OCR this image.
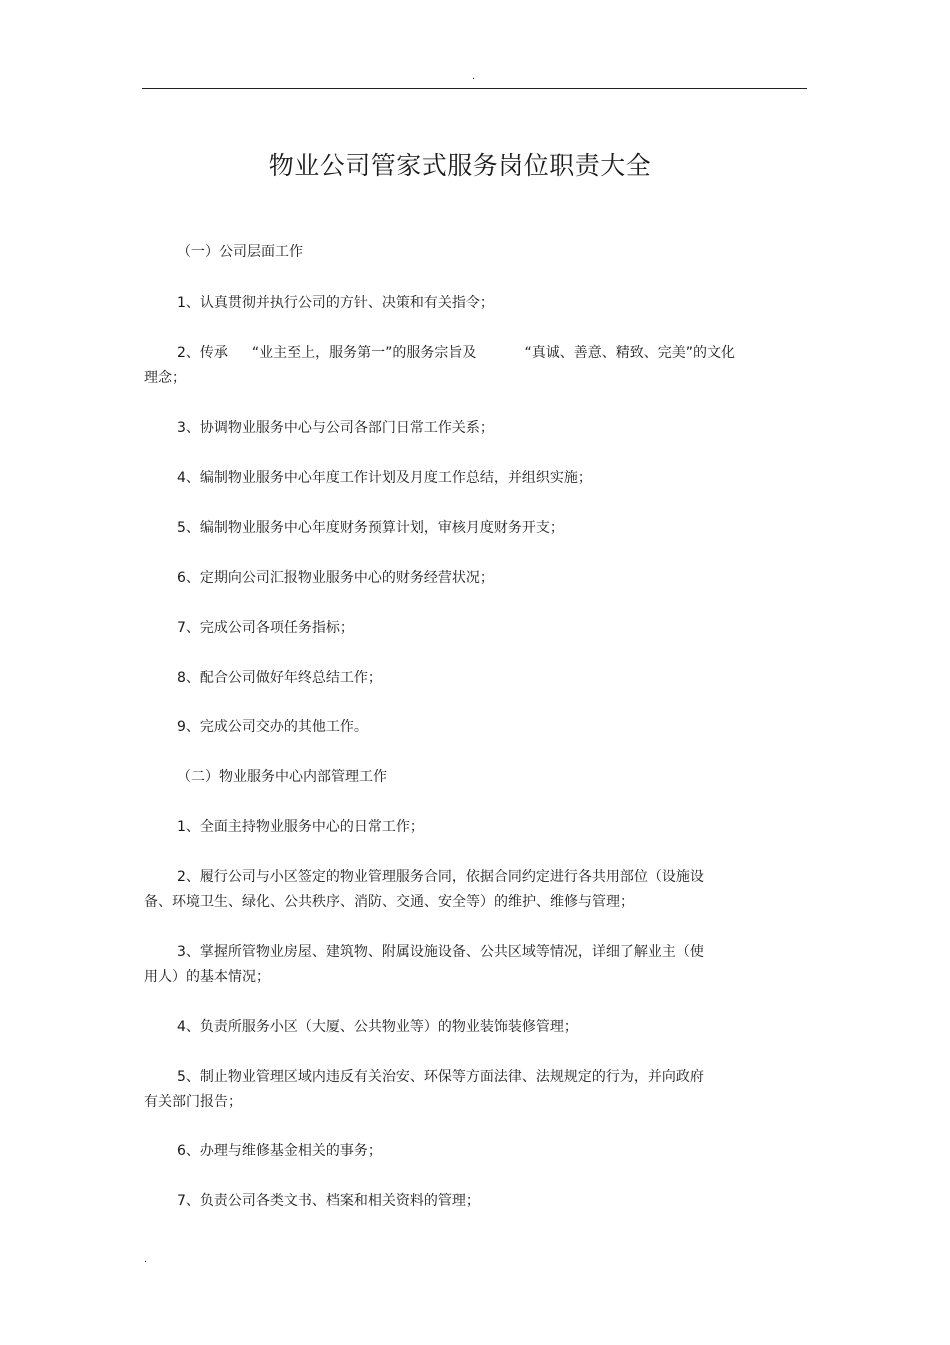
.
物业公司管家式服务岗位职责大全
（一）公司层面工作
1、认真贯彻并执行公司的方针、决策和有关指令；
2、传承 “业主至上，服务第一”的服务宗旨及	“真诚、善意、精致、完美”的文化
理念；
3、协调物业服务中心与公司各部门日常工作关系；
4、编制物业服务中心年度工作计划及月度工作总结，并组织实施；
5、编制物业服务中心年度财务预算计划，审核月度财务开支；
6、定期向公司汇报物业服务中心的财务经营状况；
7、完成公司各项任务指标；
8、配合公司做好年终总结工作；
9、完成公司交办的其他工作。
（二）物业服务中心内部管理工作
1、全面主持物业服务中心的日常工作；
2、履行公司与小区签定的物业管理服务合同，依据合同约定进行各共用部位（设施设
备、环境卫生、绿化、公共秩序、消防、交通、安全等）的维护、维修与管理；
3、掌握所管物业房屋、建筑物、附属设施设备、公共区域等情况，详细了解业主（使
用人）的基本情况；
4、负责所服务小区（大厦、公共物业等）的物业装饰装修管理；
5、制止物业管理区域内违反有关治安、环保等方面法律、法规规定的行为，并向政府
有关部门报告；
6、办理与维修基金相关的事务；
7、负责公司各类文书、档案和相关资料的管理；
.
